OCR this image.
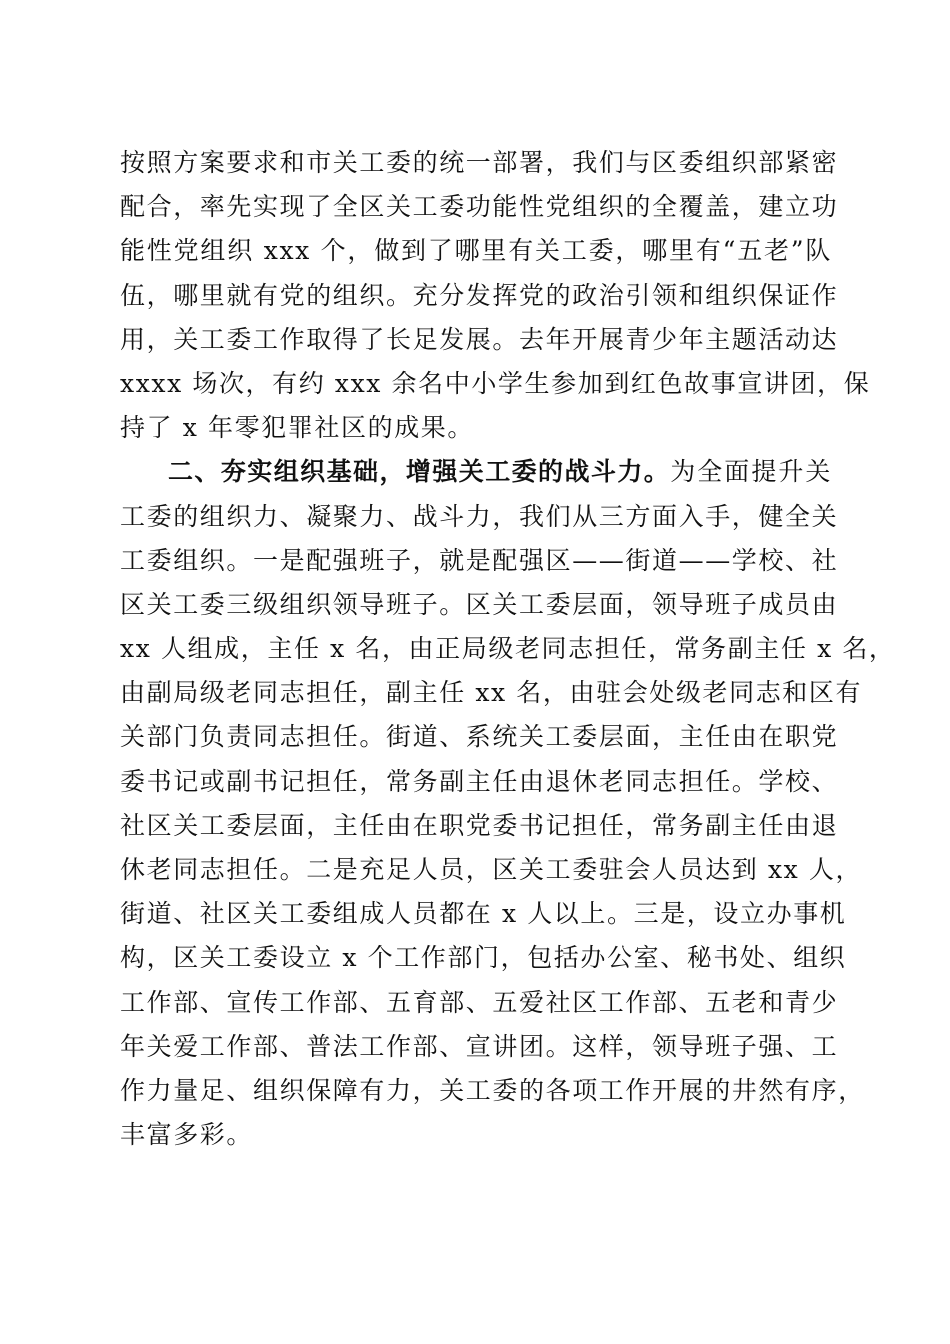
按照方案要求和市关工委的统一部署，我们与区委组织部紧密
配合，率先实现了全区关工委功能性党组织的全覆盖，建立功
能性党组织 xxx 个，做到了哪里有关工委，哪里有“五老”队
伍，哪里就有党的组织。充分发挥党的政治引领和组织保证作
用，关工委工作取得了长足发展。去年开展青少年主题活动达
xxxx 场次，有约 xxx 余名中小学生参加到红色故事宣讲团，保
持了 x 年零犯罪社区的成果。
二、夯实组织基础，增强关工委的战斗力。为全面提升关
工委的组织力、凝聚力、战斗力，我们从三方面入手，健全关
工委组织。一是配强班子，就是配强区——街道——学校、社
区关工委三级组织领导班子。区关工委层面，领导班子成员由
xx 人组成，主任 x 名，由正局级老同志担任，常务副主任 x 名，
由副局级老同志担任，副主任 xx 名，由驻会处级老同志和区有
关部门负责同志担任。街道、系统关工委层面，主任由在职党
委书记或副书记担任，常务副主任由退休老同志担任。学校、
社区关工委层面，主任由在职党委书记担任，常务副主任由退
休老同志担任。二是充足人员，区关工委驻会人员达到 xx 人，
街道、社区关工委组成人员都在 x 人以上。三是，设立办事机
构，区关工委设立 x 个工作部门，包括办公室、秘书处、组织
工作部、宣传工作部、五育部、五爱社区工作部、五老和青少
年关爱工作部、普法工作部、宣讲团。这样，领导班子强、工
作力量足、组织保障有力，关工委的各项工作开展的井然有序，
丰富多彩。
